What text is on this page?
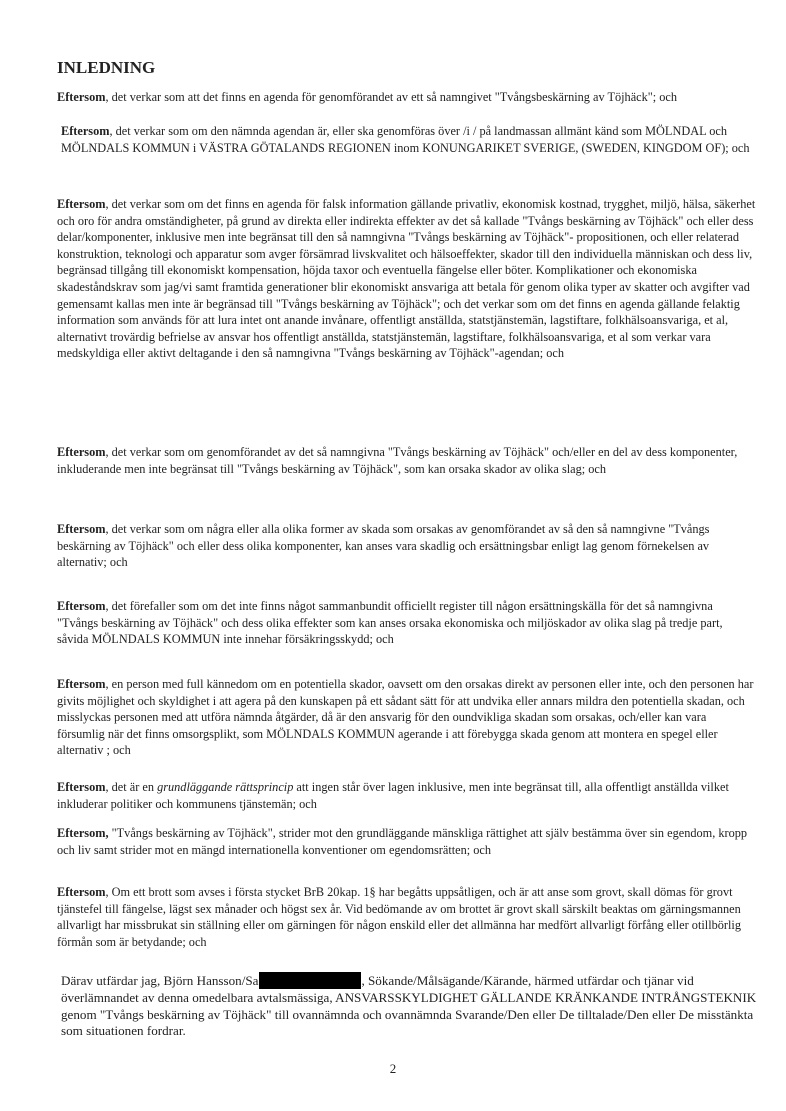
INLEDNING

Eftersom, det verkar som att det finns en agenda för genomförandet av ett så namngivet "Tvångsbeskärning av Töjhäck"; och

Eftersom, det verkar som om den nämnda agendan är, eller ska genomföras över /i / på landmassan allmänt känd som MÖLNDAL och MÖLNDALS KOMMUN i VÄSTRA GÖTALANDS REGIONEN inom KONUNGARIKET SVERIGE, (SWEDEN, KINGDOM OF); och

Eftersom, det verkar som om det finns en agenda för falsk information gällande privatliv, ekonomisk kostnad, trygghet, miljö, hälsa, säkerhet och oro för andra omständigheter, på grund av direkta eller indirekta effekter av det så kallade "Tvångs beskärning av Töjhäck" och eller dess delar/komponenter, inklusive men inte begränsat till den så namngivna "Tvångs beskärning av Töjhäck"- propositionen, och eller relaterad konstruktion, teknologi och apparatur som avger försämrad livskvalitet och hälsoeffekter, skador till den individuella människan och dess liv, begränsad tillgång till ekonomiskt kompensation, höjda taxor och eventuella fängelse eller böter. Komplikationer och ekonomiska skadeståndskrav som jag/vi samt framtida generationer blir ekonomiskt ansvariga att betala för genom olika typer av skatter och avgifter vad gemensamt kallas men inte är begränsad till "Tvångs beskärning av Töjhäck"; och det verkar som om det finns en agenda gällande felaktig information som används för att lura intet ont anande invånare, offentligt anställda, statstjänstemän, lagstiftare, folkhälsoansvariga, et al, alternativt trovärdig befrielse av ansvar hos offentligt anställda, statstjänstemän, lagstiftare, folkhälsoansvariga, et al som verkar vara medskyldiga eller aktivt deltagande i den så namngivna "Tvångs beskärning av Töjhäck"-agendan; och

Eftersom, det verkar som om genomförandet av det så namngivna "Tvångs beskärning av Töjhäck" och/eller en del av dess komponenter, inkluderande men inte begränsat till "Tvångs beskärning av Töjhäck", som kan orsaka skador av olika slag; och

Eftersom, det verkar som om några eller alla olika former av skada som orsakas av genomförandet av så den så namngivne "Tvångs beskärning av Töjhäck" och eller dess olika komponenter, kan anses vara skadlig och ersättningsbar enligt lag genom förnekelsen av alternativ; och

Eftersom, det förefaller som om det inte finns något sammanbundit officiellt register till någon ersättningskälla för det så namngivna "Tvångs beskärning av Töjhäck" och dess olika effekter som kan anses orsaka ekonomiska och miljöskador av olika slag på tredje part, såvida MÖLNDALS KOMMUN inte innehar försäkringsskydd; och

Eftersom, en person med full kännedom om en potentiella skador, oavsett om den orsakas direkt av personen eller inte, och den personen har givits möjlighet och skyldighet i att agera på den kunskapen på ett sådant sätt för att undvika eller annars mildra den potentiella skadan, och misslyckas personen med att utföra nämnda åtgärder, då är den ansvarig för den oundvikliga skadan som orsakas, och/eller kan vara försumlig när det finns omsorgsplikt, som MÖLNDALS KOMMUN agerande i att förebygga skada genom att montera en spegel eller alternativ ; och

Eftersom, det är en grundläggande rättsprincip att ingen står över lagen inklusive, men inte begränsat till, alla offentligt anställda vilket inkluderar politiker och kommunens tjänstemän; och

Eftersom, "Tvångs beskärning av Töjhäck", strider mot den grundläggande mänskliga rättighet att själv bestämma över sin egendom, kropp och liv samt strider mot en mängd internationella konventioner om egendomsrätten; och

Eftersom, Om ett brott som avses i första stycket BrB 20kap. 1§ har begåtts uppsåtligen, och är att anse som grovt, skall dömas för grovt tjänstefel till fängelse, lägst sex månader och högst sex år. Vid bedömande av om brottet är grovt skall särskilt beaktas om gärningsmannen allvarligt har missbrukat sin ställning eller om gärningen för någon enskild eller det allmänna har medfört allvarligt förfång eller otillbörlig förmån som är betydande; och

Därav utfärdar jag, Björn Hansson/Sa	, Sökande/Målsägande/Kärande, härmed utfärdar och tjänar vid överlämnandet av denna omedelbara avtalsmässiga, ANSVARSSKYLDIGHET GÄLLANDE KRÄNKANDE INTRÅNGSTEKNIK genom "Tvångs beskärning av Töjhäck" till ovannämnda och ovannämnda Svarande/Den eller De tilltalade/Den eller De misstänkta som situationen fordrar.

2
